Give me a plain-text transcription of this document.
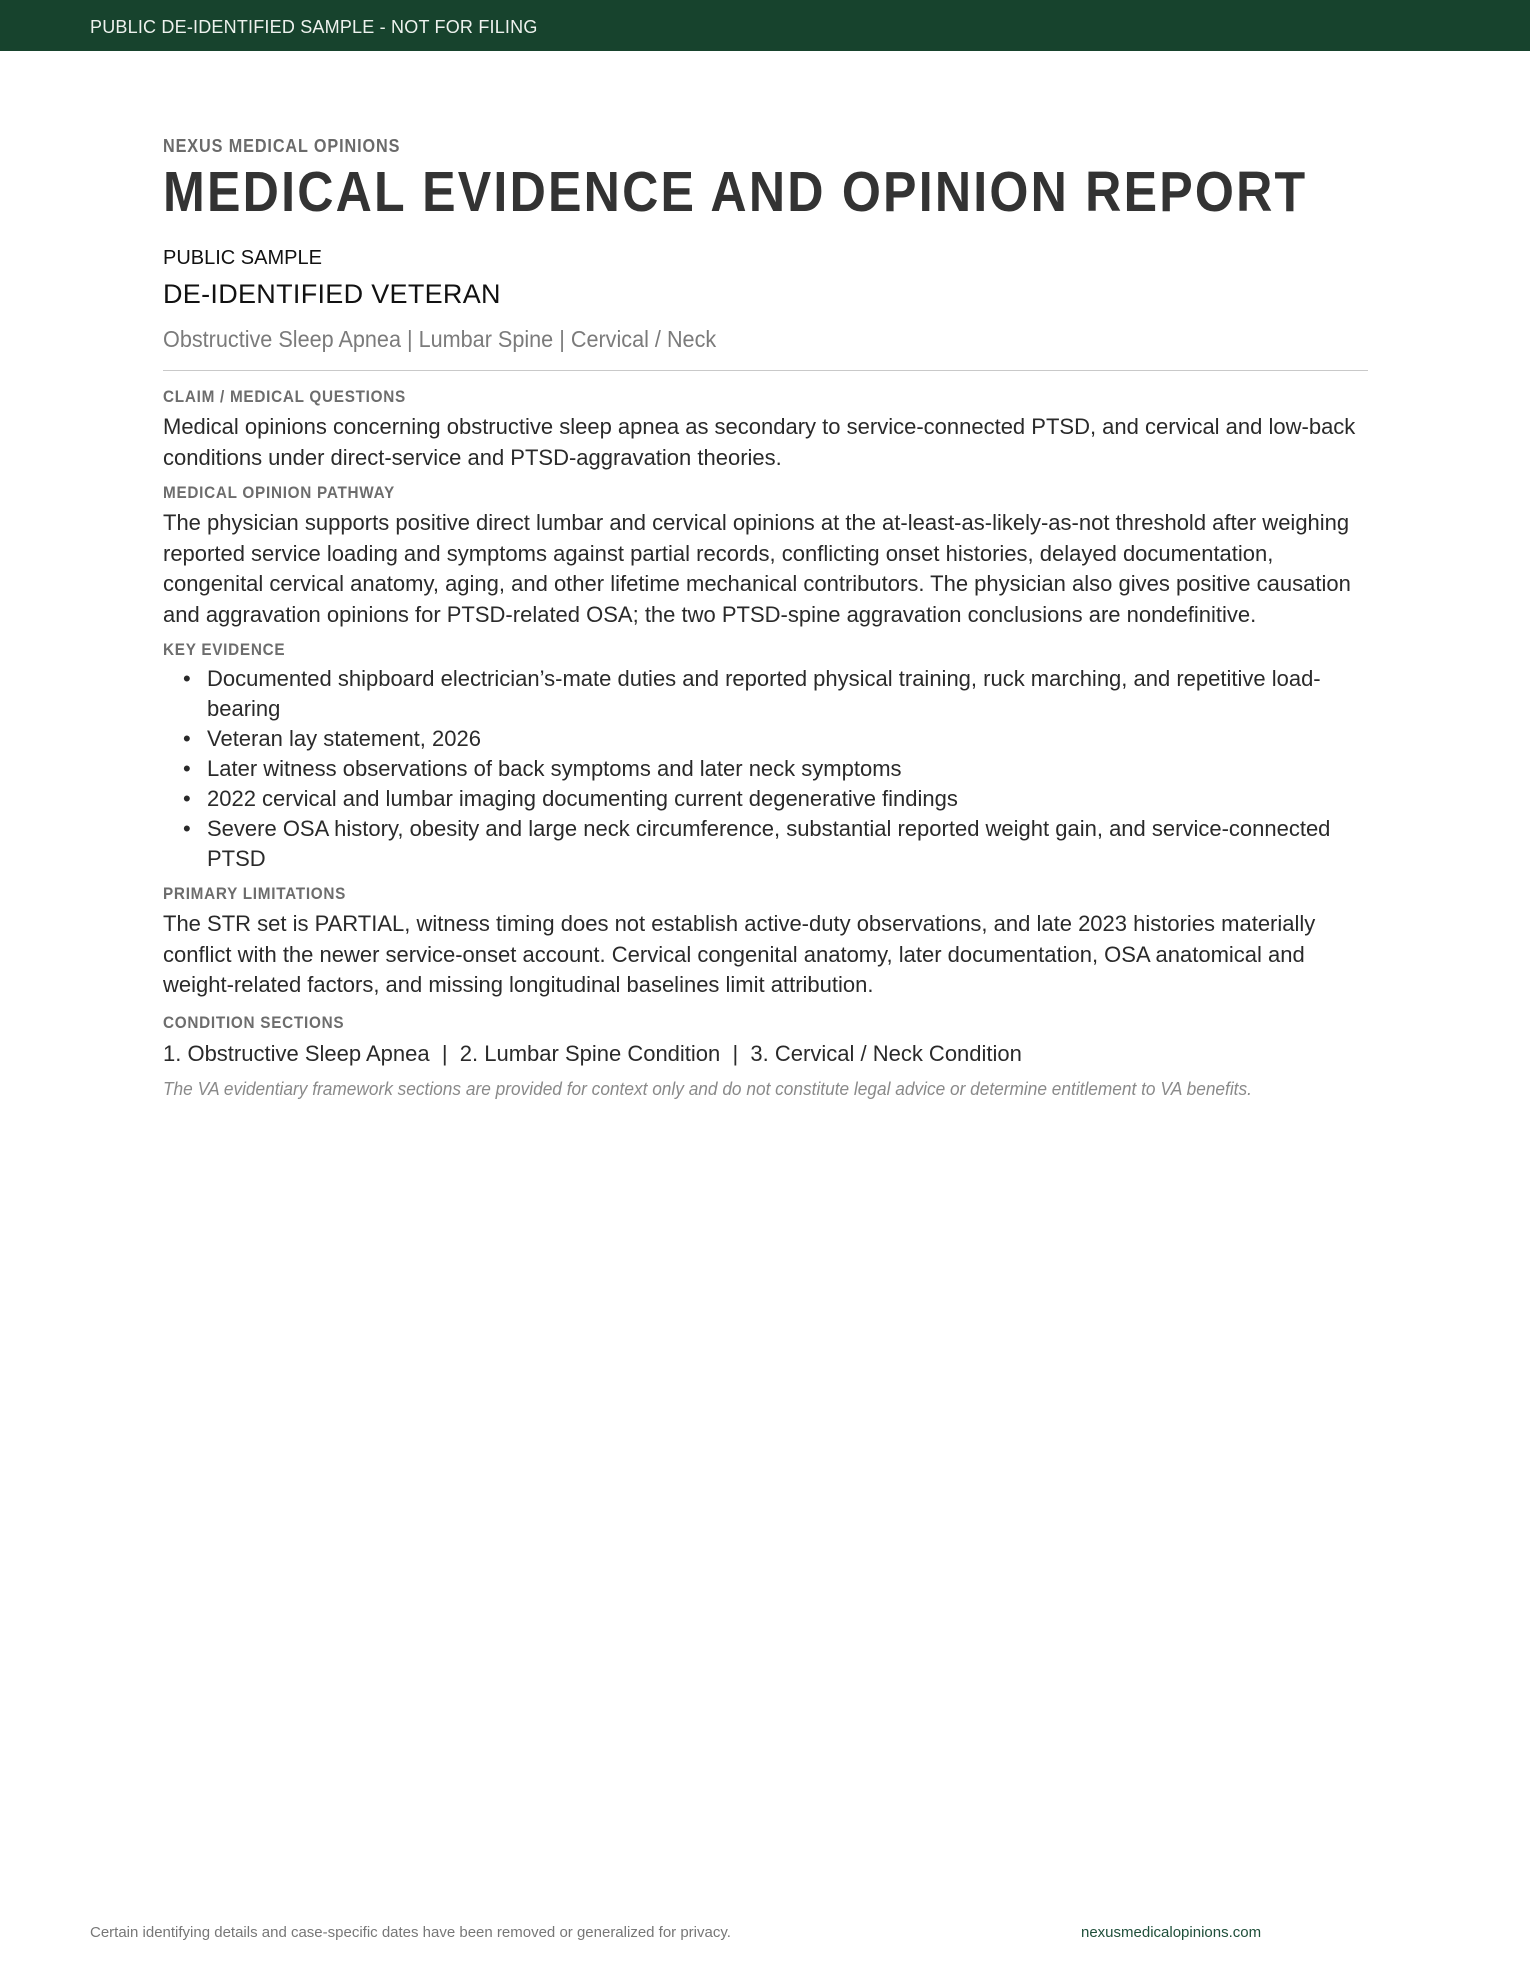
PUBLIC DE-IDENTIFIED SAMPLE - NOT FOR FILING
NEXUS MEDICAL OPINIONS
MEDICAL EVIDENCE AND OPINION REPORT
PUBLIC SAMPLE
DE-IDENTIFIED VETERAN
Obstructive Sleep Apnea | Lumbar Spine | Cervical / Neck
CLAIM / MEDICAL QUESTIONS
Medical opinions concerning obstructive sleep apnea as secondary to service-connected PTSD, and cervical and low-back conditions under direct-service and PTSD-aggravation theories.
MEDICAL OPINION PATHWAY
The physician supports positive direct lumbar and cervical opinions at the at-least-as-likely-as-not threshold after weighing reported service loading and symptoms against partial records, conflicting onset histories, delayed documentation, congenital cervical anatomy, aging, and other lifetime mechanical contributors. The physician also gives positive causation and aggravation opinions for PTSD-related OSA; the two PTSD-spine aggravation conclusions are nondefinitive.
KEY EVIDENCE
• Documented shipboard electrician’s-mate duties and reported physical training, ruck marching, and repetitive load-bearing
• Veteran lay statement, 2026
• Later witness observations of back symptoms and later neck symptoms
• 2022 cervical and lumbar imaging documenting current degenerative findings
• Severe OSA history, obesity and large neck circumference, substantial reported weight gain, and service-connected PTSD
PRIMARY LIMITATIONS
The STR set is PARTIAL, witness timing does not establish active-duty observations, and late 2023 histories materially conflict with the newer service-onset account. Cervical congenital anatomy, later documentation, OSA anatomical and weight-related factors, and missing longitudinal baselines limit attribution.
CONDITION SECTIONS
1. Obstructive Sleep Apnea  |  2. Lumbar Spine Condition  |  3. Cervical / Neck Condition
The VA evidentiary framework sections are provided for context only and do not constitute legal advice or determine entitlement to VA benefits.
Certain identifying details and case-specific dates have been removed or generalized for privacy.	nexusmedicalopinions.com
